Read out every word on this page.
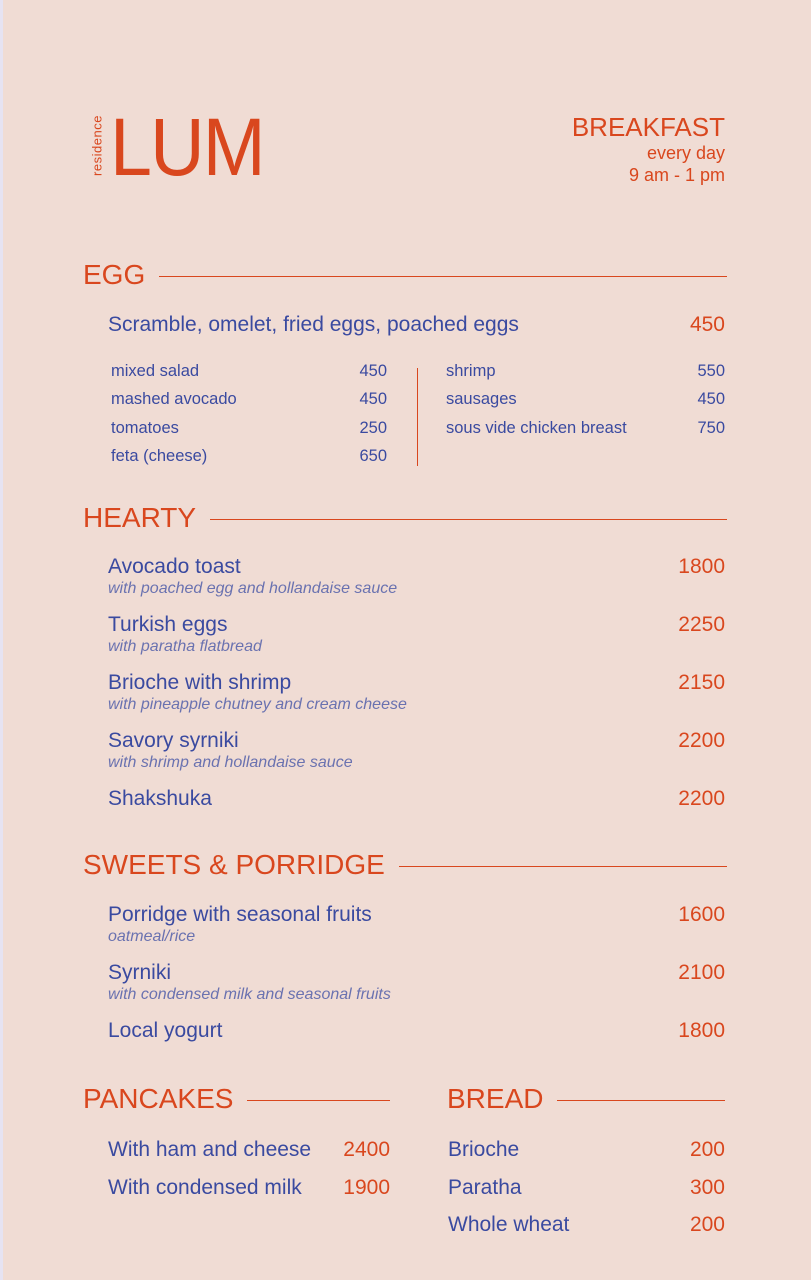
residence LUM	BREAKFAST
every day
9 am - 1 pm
EGG
Scramble, omelet, fried eggs, poached eggs	450
mixed salad	450
mashed avocado	450
tomatoes	250
feta (cheese)	650
shrimp	550
sausages	450
sous vide chicken breast	750
HEARTY
Avocado toast
with poached egg and hollandaise sauce
1800
Turkish eggs
with paratha flatbread
2250
Brioche with shrimp
with pineapple chutney and cream cheese
2150
Savory syrniki
with shrimp and hollandaise sauce
2200
Shakshuka	2200
SWEETS & PORRIDGE
Porridge with seasonal fruits
oatmeal/rice
1600
Syrniki
with condensed milk and seasonal fruits
2100
Local yogurt	1800
PANCAKES
With ham and cheese 2400
With condensed milk 1900
BREAD
Brioche	200
Paratha	300
Whole wheat	200
